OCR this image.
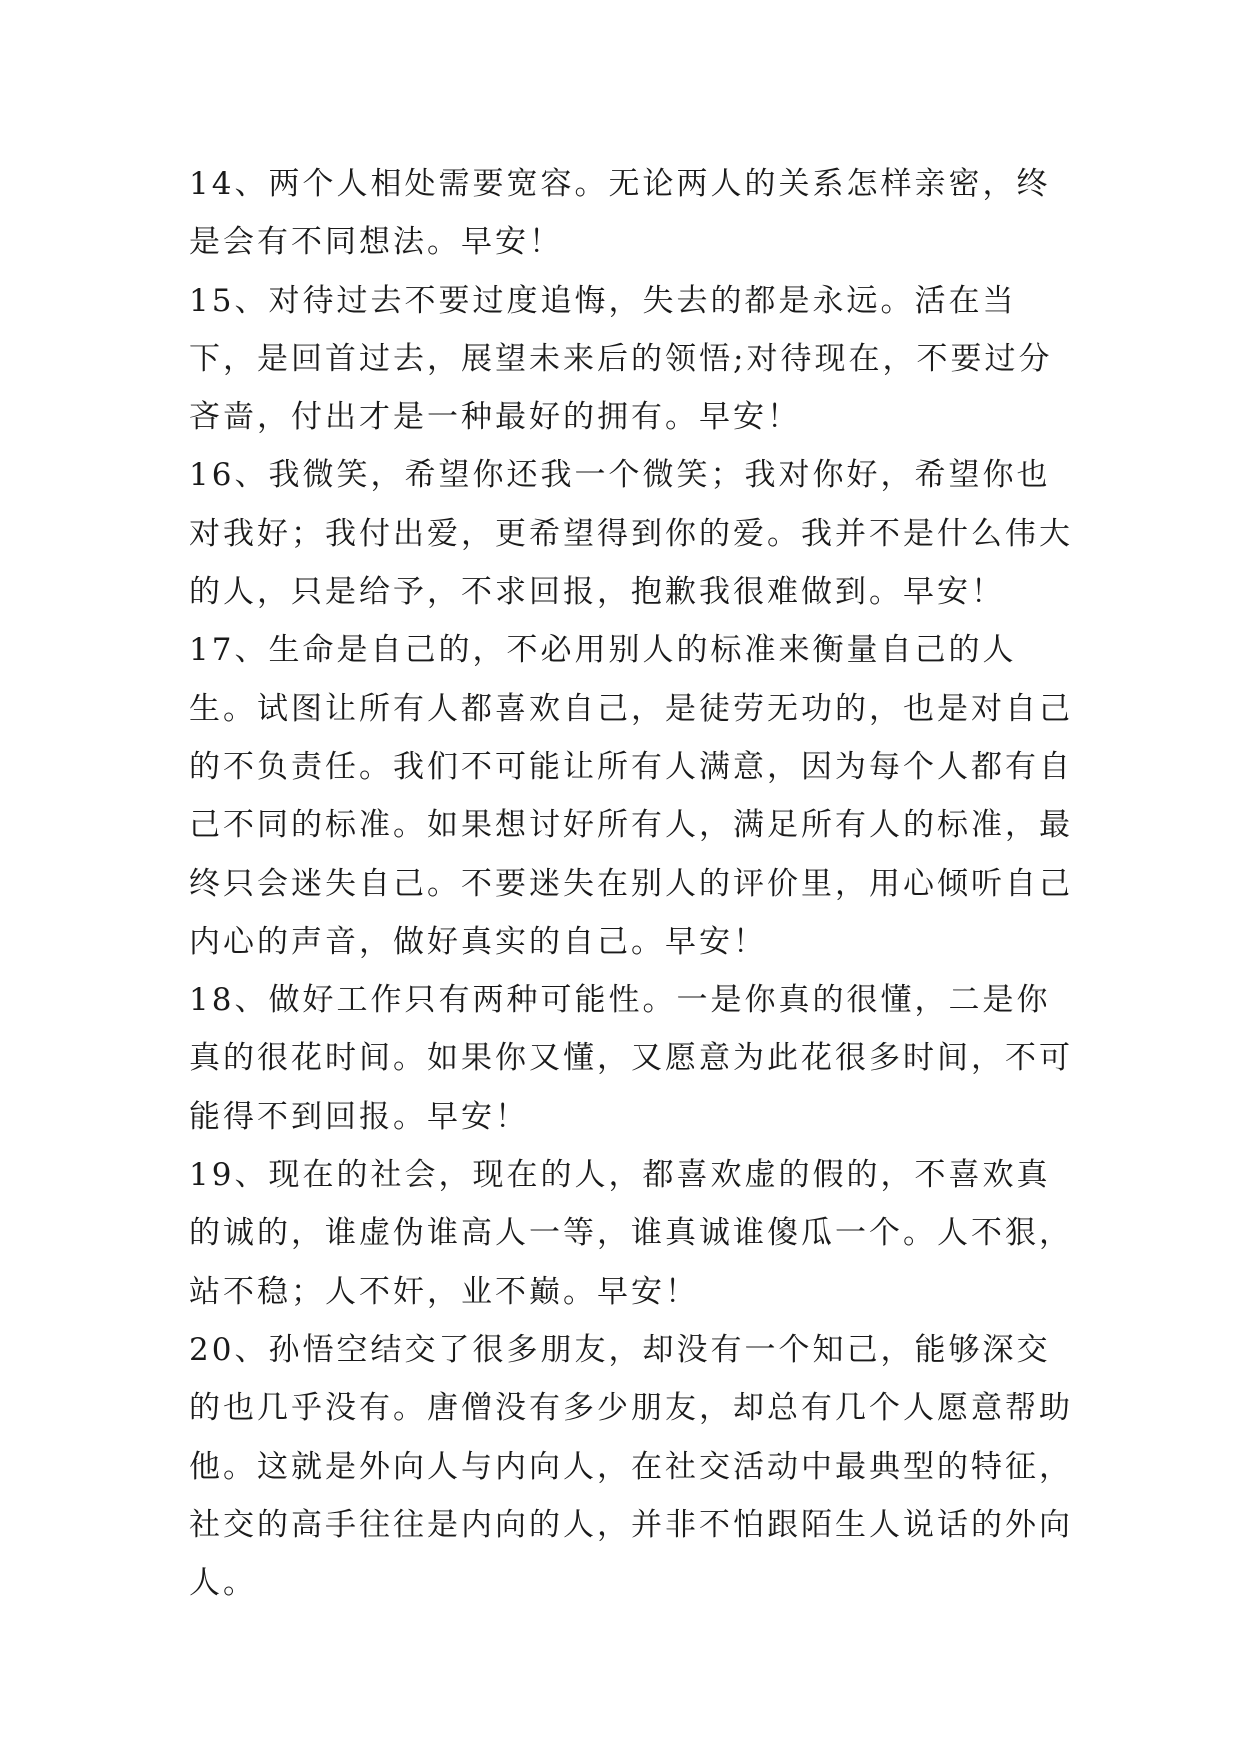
14、两个人相处需要宽容。无论两人的关系怎样亲密，终是会有不同想法。早安！

15、对待过去不要过度追悔，失去的都是永远。活在当下，是回首过去，展望未来后的领悟;对待现在，不要过分吝啬，付出才是一种最好的拥有。早安！

16、我微笑，希望你还我一个微笑；我对你好，希望你也对我好；我付出爱，更希望得到你的爱。我并不是什么伟大的人，只是给予，不求回报，抱歉我很难做到。早安！

17、生命是自己的，不必用别人的标准来衡量自己的人生。试图让所有人都喜欢自己，是徒劳无功的，也是对自己的不负责任。我们不可能让所有人满意，因为每个人都有自己不同的标准。如果想讨好所有人，满足所有人的标准，最终只会迷失自己。不要迷失在别人的评价里，用心倾听自己内心的声音，做好真实的自己。早安！

18、做好工作只有两种可能性。一是你真的很懂，二是你真的很花时间。如果你又懂，又愿意为此花很多时间，不可能得不到回报。早安！

19、现在的社会，现在的人，都喜欢虚的假的，不喜欢真的诚的，谁虚伪谁高人一等，谁真诚谁傻瓜一个。人不狠，站不稳；人不奸，业不巅。早安！

20、孙悟空结交了很多朋友，却没有一个知己，能够深交的也几乎没有。唐僧没有多少朋友，却总有几个人愿意帮助他。这就是外向人与内向人，在社交活动中最典型的特征，社交的高手往往是内向的人，并非不怕跟陌生人说话的外向人。
